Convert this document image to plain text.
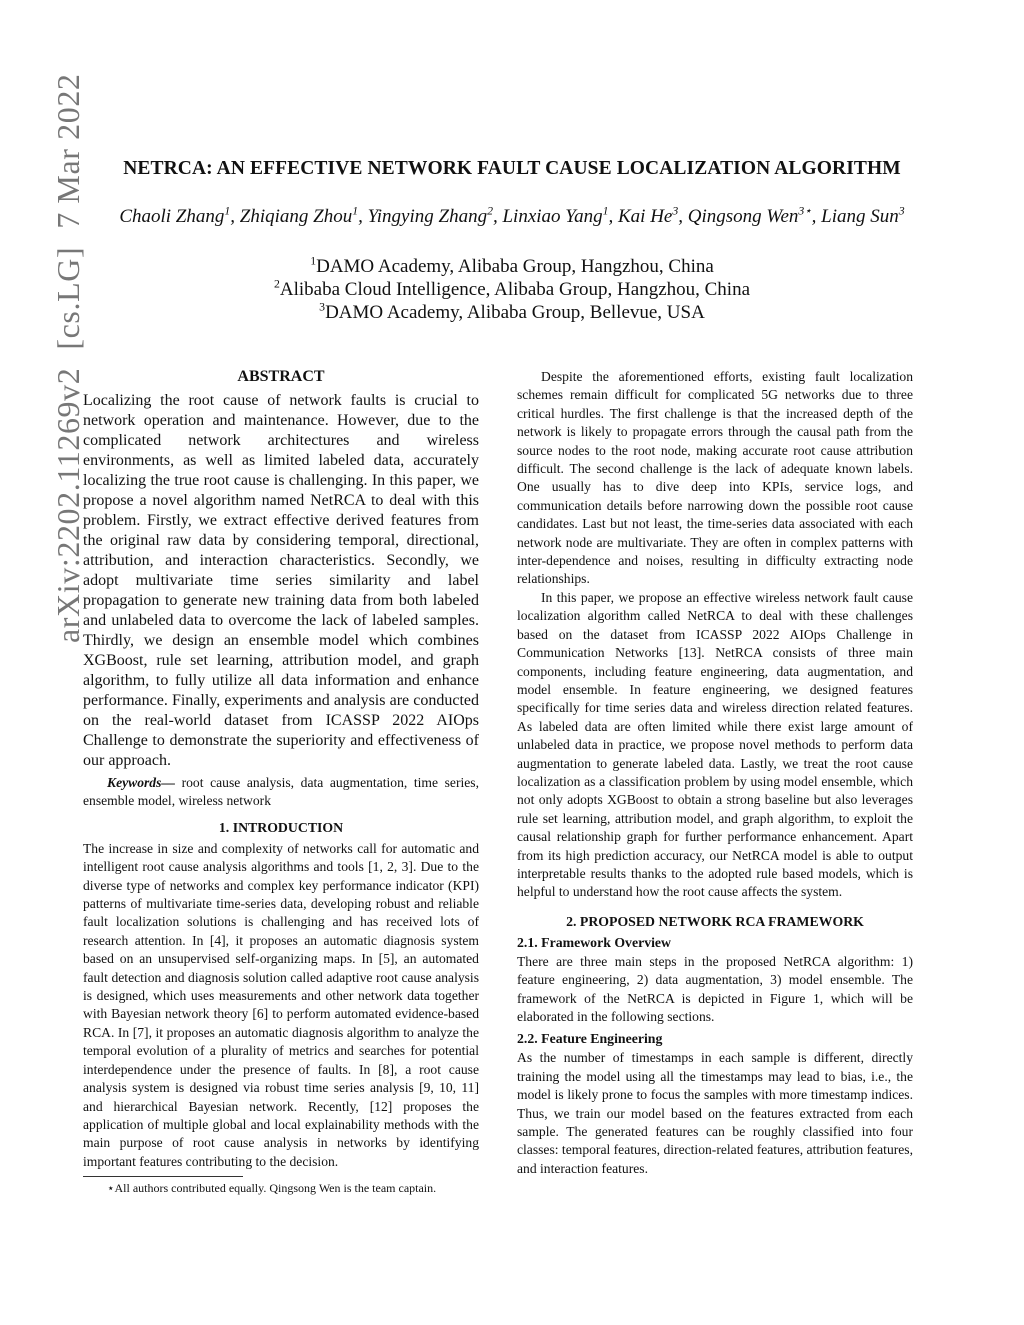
NETRCA: AN EFFECTIVE NETWORK FAULT CAUSE LOCALIZATION ALGORITHM
Chaoli Zhang$^1$, Zhiqiang Zhou$^1$, Yingying Zhang$^2$, Linxiao Yang$^1$, Kai He$^3$, Qingsong Wen$^{3⋆}$, Liang Sun$^3$
$^1$DAMO Academy, Alibaba Group, Hangzhou, China
$^2$Alibaba Cloud Intelligence, Alibaba Group, Hangzhou, China
$^3$DAMO Academy, Alibaba Group, Bellevue, USA
arXiv:2202.11269v2[cs.LG]7 Mar 2022
ABSTRACT

Localizing the root cause of network faults is crucial to network operation and maintenance. However, due to the complicated network architectures and wireless environments, as well as limited labeled data, accurately localizing the true root cause is challenging. In this paper, we propose a novel algorithm named NetRCA to deal with this problem. Firstly, we extract effective derived features from the original raw data by considering temporal, directional, attribution, and interaction characteristics. Secondly, we adopt multivariate time series similarity and label propagation to generate new training data from both labeled and unlabeled data to overcome the lack of labeled samples. Thirdly, we design an ensemble model which combines XGBoost, rule set learning, attribution model, and graph algorithm, to fully utilize all data information and enhance performance. Finally, experiments and analysis are conducted on the real-world dataset from ICASSP 2022 AIOps Challenge to demonstrate the superiority and effectiveness of our approach.

Keywords— root cause analysis, data augmentation, time series, ensemble model, wireless network

1. INTRODUCTION

The increase in size and complexity of networks call for automatic and intelligent root cause analysis algorithms and tools [1, 2, 3]. Due to the diverse type of networks and complex key performance indicator (KPI) patterns of multivariate time-series data, developing robust and reliable fault localization solutions is challenging and has received lots of research attention. In [4], it proposes an automatic diagnosis system based on an unsupervised self-organizing maps. In [5], an automated fault detection and diagnosis solution called adaptive root cause analysis is designed, which uses measurements and other network data together with Bayesian network theory [6] to perform automated evidence-based RCA. In [7], it proposes an automatic diagnosis algorithm to analyze the temporal evolution of a plurality of metrics and searches for potential interdependence under the presence of faults. In [8], a root cause analysis system is designed via robust time series analysis [9, 10, 11] and hierarchical Bayesian network. Recently, [12] proposes the application of multiple global and local explainability methods with the main purpose of root cause analysis in networks by identifying important features contributing to the decision.

⋆All authors contributed equally. Qingsong Wen is the team captain.

Despite the aforementioned efforts, existing fault localization schemes remain difficult for complicated 5G networks due to three critical hurdles. The first challenge is that the increased depth of the network is likely to propagate errors through the causal path from the source nodes to the root node, making accurate root cause attribution difficult. The second challenge is the lack of adequate known labels. One usually has to dive deep into KPIs, service logs, and communication details before narrowing down the possible root cause candidates. Last but not least, the time-series data associated with each network node are multivariate. They are often in complex patterns with inter-dependence and noises, resulting in difficulty extracting node relationships.

In this paper, we propose an effective wireless network fault cause localization algorithm called NetRCA to deal with these challenges based on the dataset from ICASSP 2022 AIOps Challenge in Communication Networks [13]. NetRCA consists of three main components, including feature engineering, data augmentation, and model ensemble. In feature engineering, we designed features specifically for time series data and wireless direction related features. As labeled data are often limited while there exist large amount of unlabeled data in practice, we propose novel methods to perform data augmentation to generate labeled data. Lastly, we treat the root cause localization as a classification problem by using model ensemble, which not only adopts XGBoost to obtain a strong baseline but also leverages rule set learning, attribution model, and graph algorithm, to exploit the causal relationship graph for further performance enhancement. Apart from its high prediction accuracy, our NetRCA model is able to output interpretable results thanks to the adopted rule based models, which is helpful to understand how the root cause affects the system.

2. PROPOSED NETWORK RCA FRAMEWORK
2.1. Framework Overview

There are three main steps in the proposed NetRCA algorithm: 1) feature engineering, 2) data augmentation, 3) model ensemble. The framework of the NetRCA is depicted in Figure 1, which will be elaborated in the following sections.

2.2. Feature Engineering

As the number of timestamps in each sample is different, directly training the model using all the timestamps may lead to bias, i.e., the model is likely prone to focus the samples with more timestamp indices. Thus, we train our model based on the features extracted from each sample. The generated features can be roughly classified into four classes: temporal features, direction-related features, attribution features, and interaction features.
